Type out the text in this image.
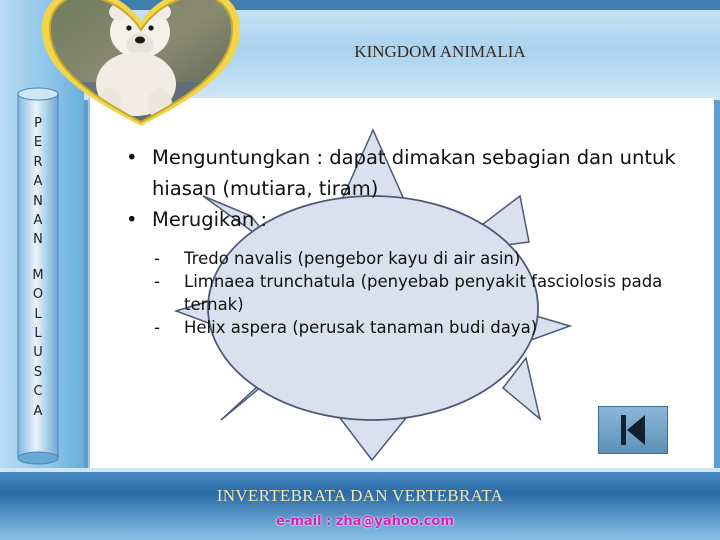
KINGDOM ANIMALIA
P
E
R
A
N
A
N
M
O
L
L
U
S
C
A
• Menguntungkan : dapat dimakan sebagian dan untuk hiasan (mutiara, tiram)
• Merugikan :
- Tredo navalis (pengebor kayu di air asin)
- Limnaea trunchatula (penyebab penyakit fasciolosis pada ternak)
- Helix aspera (perusak tanaman budi daya)
INVERTEBRATA DAN VERTEBRATA
e-mail : zha@yahoo.com
